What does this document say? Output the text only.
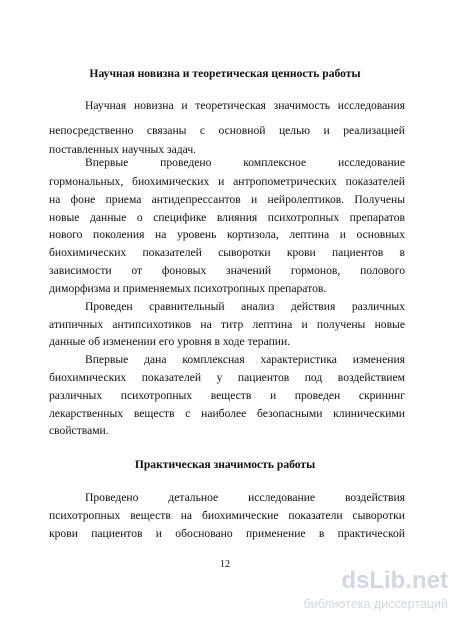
Научная новизна и теоретическая ценность работы
Научная новизна и теоретическая значимость исследования
непосредственно связаны с основной целью и реализацией
поставленных научных задач.
Впервые проведено комплексное исследование
гормональных, биохимических и антропометрических показателей
на фоне приема антидепрессантов и нейролептиков. Получены
новые данные о специфике влияния психотропных препаратов
нового поколения на уровень кортизола, лептина и основных
биохимических показателей сыворотки крови пациентов в
зависимости от фоновых значений гормонов, полового
диморфизма и применяемых психотропных препаратов.
Проведен сравнительный анализ действия различных
атипичных антипсихотиков на титр лептина и получены новые
данные об изменении его уровня в ходе терапии.
Впервые дана комплексная характеристика изменения
биохимических показателей у пациентов под воздействием
различных психотропных веществ и проведен скрининг
лекарственных веществ с наиболее безопасными клиническими
свойствами.
Практическая значимость работы
Проведено детальное исследование воздействия
психотропных веществ на биохимические показатели сыворотки
крови пациентов и обосновано применение в практической
12
dsLib.net
библиотека диссертаций
